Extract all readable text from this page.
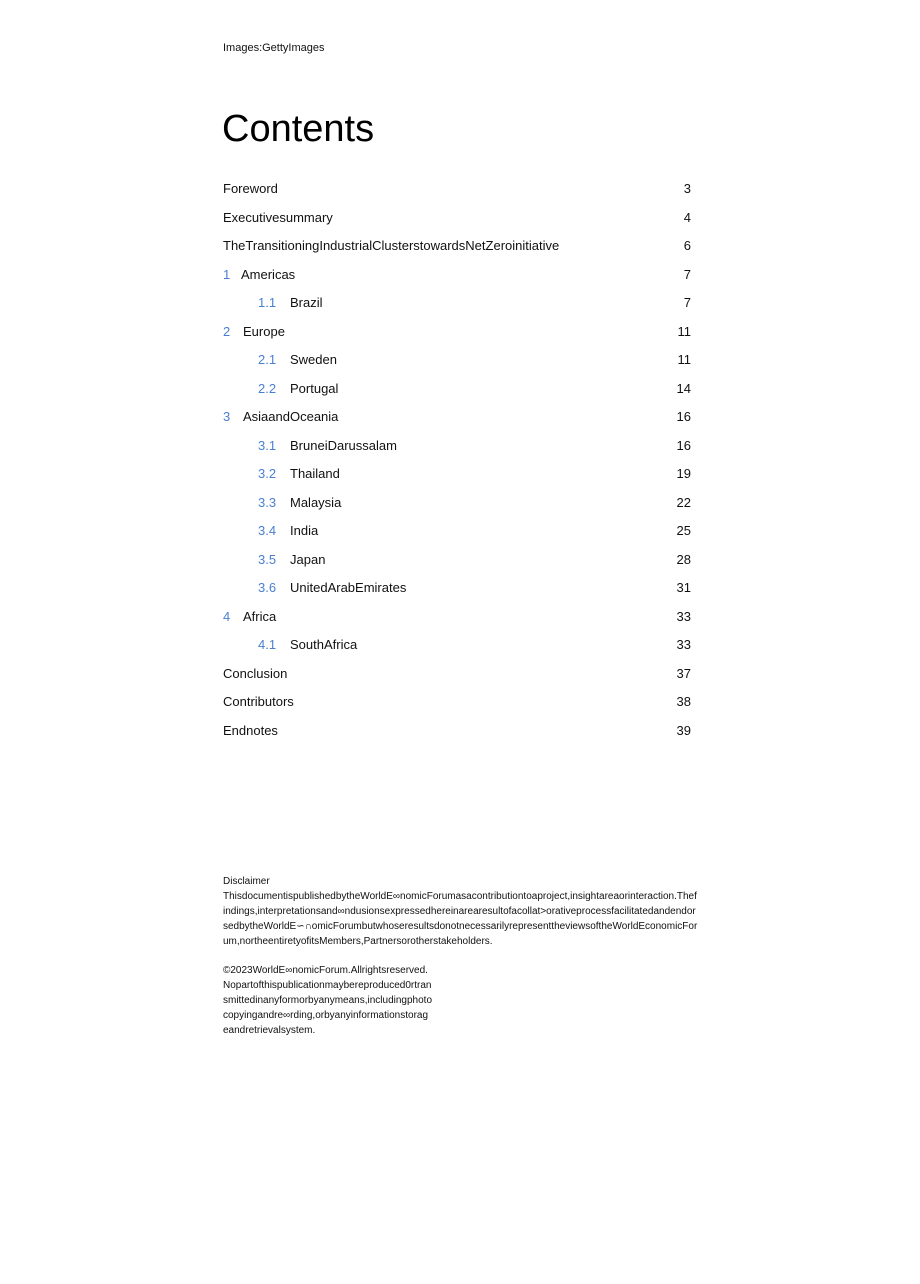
Images:GettyImages
Contents
Foreword	3
Executivesummary	4
TheTransitioningIndustrialClusterstowardsNetZeroinitiative	6
1 Americas	7
1.1 Brazil	7
2 Europe	11
2.1 Sweden	11
2.2 Portugal	14
3 AsiaandOceania	16
3.1 BruneiDarussalam	16
3.2 Thailand	19
3.3 Malaysia	22
3.4 India	25
3.5 Japan	28
3.6 UnitedArabEmirates	31
4 Africa	33
4.1 SouthAfrica	33
Conclusion	37
Contributors	38
Endnotes	39
Disclaimer
ThisdocumentispublishedbytheWorldE∞nomicForumasacontributiontoaproject,insightareaorinteraction.Thefindings,interpretationsand∞ndusionsexpressedhereinarearesultofacollat>orativeprocessfacilitatedandendorsedbytheWorldE∽∩omicForumbutwhoseresultsdonotnecessarilyrepresenttheviewsoftheWorldEconomicForum,northeentiretyofitsMembers,Partnersorotherstakeholders.
©2023WorldE∞nomicForum.Allrightsreserved.Nopartofthispublicationmaybereproduced0rtransmittedinanyformorbyanymeans,includingphotocopyingandre∞rding,orbyanyinformationstorageandretrievalsystem.
